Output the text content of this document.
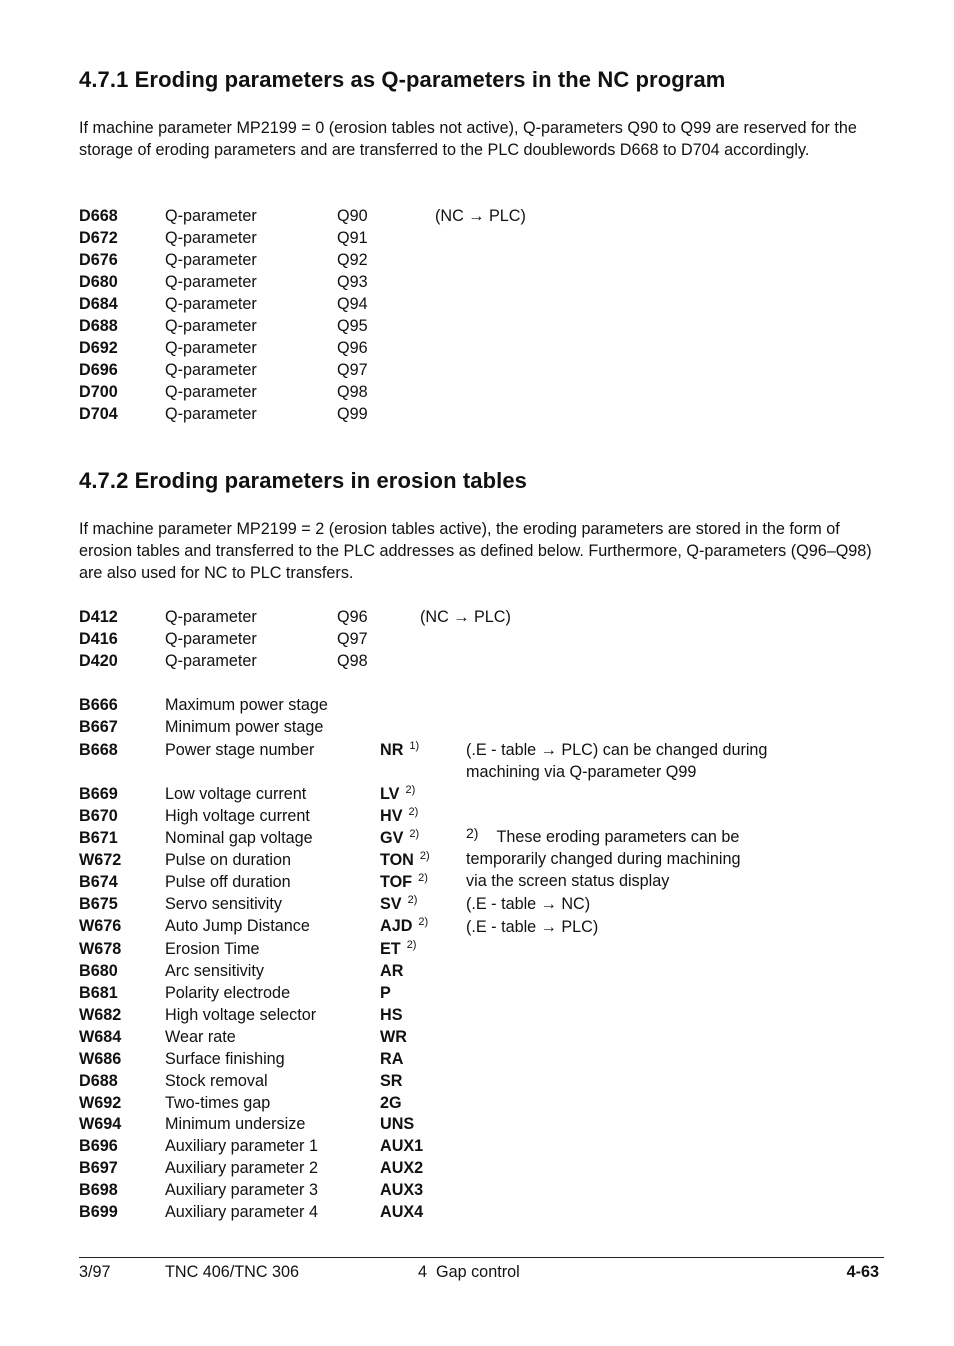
4.7.1 Eroding parameters as Q-parameters in the NC program

If machine parameter MP2199 = 0 (erosion tables not active), Q-parameters Q90 to Q99 are reserved for the storage of eroding parameters and are transferred to the PLC doublewords D668 to D704 accordingly.

D668	Q-parameter	Q90	(NC → PLC)
D672	Q-parameter	Q91
D676	Q-parameter	Q92
D680	Q-parameter	Q93
D684	Q-parameter	Q94
D688	Q-parameter	Q95
D692	Q-parameter	Q96
D696	Q-parameter	Q97
D700	Q-parameter	Q98
D704	Q-parameter	Q99
4.7.2 Eroding parameters in erosion tables

If machine parameter MP2199 = 2 (erosion tables active), the eroding parameters are stored in the form of erosion tables and transferred to the PLC addresses as defined below. Furthermore, Q-parameters (Q96–Q98) are also used for NC to PLC transfers.

D412	Q-parameter	Q96	(NC → PLC)
D416	Q-parameter	Q97
D420	Q-parameter	Q98
B666	Maximum power stage
B667	Minimum power stage
B668	Power stage number	NR $^{1)}$
B669	Low voltage current	LV $^{2)}$
B670	High voltage current	HV $^{2)}$
B671	Nominal gap voltage	GV $^{2)}$
W672	Pulse on duration	TON $^{2)}$
B674	Pulse off duration	TOF $^{2)}$
B675	Servo sensitivity	SV $^{2)}$
W676	Auto Jump Distance	AJD $^{2)}$
W678	Erosion Time	ET $^{2)}$
B680	Arc sensitivity	AR
B681	Polarity electrode	P
W682	High voltage selector	HS
W684	Wear rate	WR
W686	Surface finishing	RA
D688	Stock removal	SR
W692	Two-times gap	2G
W694	Minimum undersize	UNS
B696	Auxiliary parameter 1	AUX1
B697	Auxiliary parameter 2	AUX2
B698	Auxiliary parameter 3	AUX3
B699	Auxiliary parameter 4	AUX4
(.E - table → PLC) can be changed during
machining via Q-parameter Q99
$^{2)}$ These eroding parameters can be
temporarily changed during machining
via the screen status display
(.E - table → NC)
(.E - table → PLC)
3/97	TNC 406/TNC 306	4  Gap control	4-63
